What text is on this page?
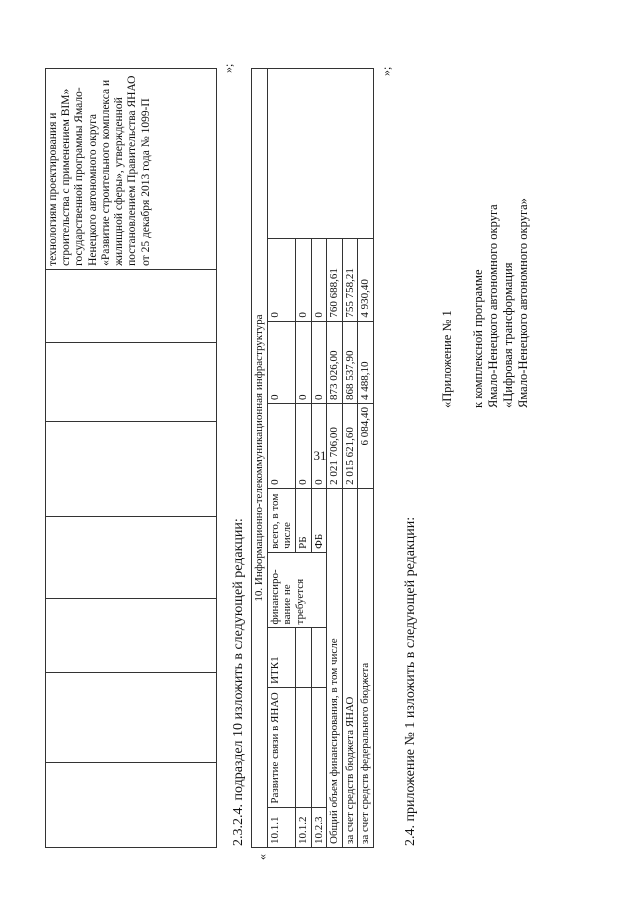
31
							технологиям проектирования и строительства с применением BIM» государственной программы Ямало-Ненецкого автономного округа «Развитие строительного комплекса и жилищной сферы», утвержденной постановлением Правительства ЯНАО от 25 декабря 2013 года № 1099-П
»;
2.3.2.4. подраздел 10 изложить в следующей редакции:
«
10. Информационно-телекоммуникационная инфраструктура								
10.1.1	Развитие связи в ЯНАО	ИТК1	финансиро-вание не требуется	всего, в том числе	0	0	0	
10.1.2				РБ	0	0	0	
10.2.3				ФБ	0	0	0	
Общий объем финансирования, в том числе					2 021 706,00	873 026,00	760 688,61	
за счет средств бюджета ЯНАО					2 015 621,60	868 537,90	755 758,21	
за счет средств федерального бюджета					6 084,40	4 488,10	4 930,40	
»;
2.4. приложение № 1 изложить в следующей редакции:
«Приложение № 1 к комплексной программе Ямало-Ненецкого автономного округа «Цифровая трансформация Ямало-Ненецкого автономного округа»
